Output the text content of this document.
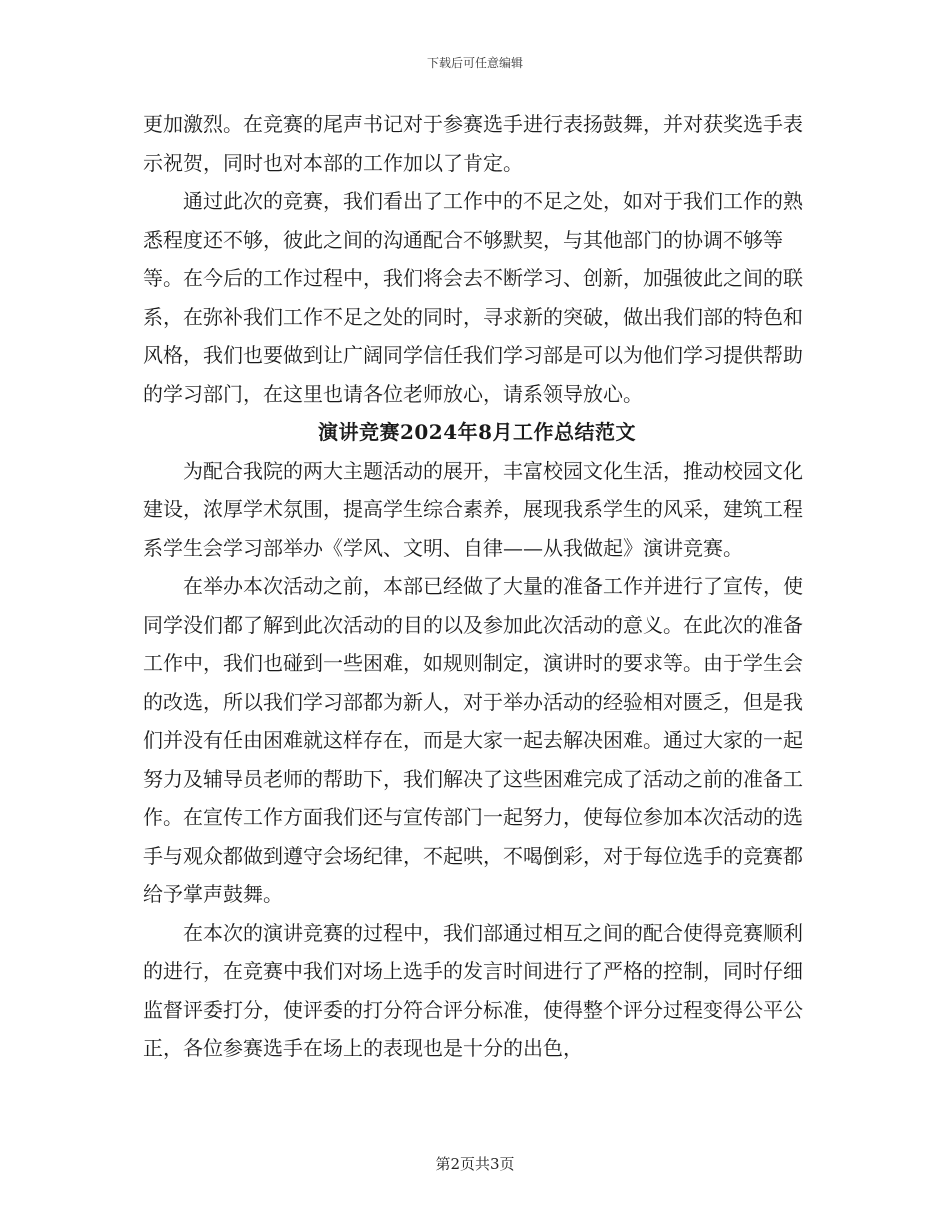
下载后可任意编辑

更加激烈。在竞赛的尾声书记对于参赛选手进行表扬鼓舞，并对获奖选手表示祝贺，同时也对本部的工作加以了肯定。

通过此次的竞赛，我们看出了工作中的不足之处，如对于我们工作的熟悉程度还不够，彼此之间的沟通配合不够默契，与其他部门的协调不够等等。在今后的工作过程中，我们将会去不断学习、创新，加强彼此之间的联系，在弥补我们工作不足之处的同时，寻求新的突破，做出我们部的特色和风格，我们也要做到让广阔同学信任我们学习部是可以为他们学习提供帮助的学习部门，在这里也请各位老师放心，请系领导放心。

演讲竞赛2024年8月工作总结范文

为配合我院的两大主题活动的展开，丰富校园文化生活，推动校园文化建设，浓厚学术氛围，提高学生综合素养，展现我系学生的风采，建筑工程系学生会学习部举办《学风、文明、自律——从我做起》演讲竞赛。

在举办本次活动之前，本部已经做了大量的准备工作并进行了宣传，使同学没们都了解到此次活动的目的以及参加此次活动的意义。在此次的准备工作中，我们也碰到一些困难，如规则制定，演讲时的要求等。由于学生会的改选，所以我们学习部都为新人，对于举办活动的经验相对匮乏，但是我们并没有任由困难就这样存在，而是大家一起去解决困难。通过大家的一起努力及辅导员老师的帮助下，我们解决了这些困难完成了活动之前的准备工作。在宣传工作方面我们还与宣传部门一起努力，使每位参加本次活动的选手与观众都做到遵守会场纪律，不起哄，不喝倒彩，对于每位选手的竞赛都给予掌声鼓舞。

在本次的演讲竞赛的过程中，我们部通过相互之间的配合使得竞赛顺利的进行，在竞赛中我们对场上选手的发言时间进行了严格的控制，同时仔细监督评委打分，使评委的打分符合评分标准，使得整个评分过程变得公平公正，各位参赛选手在场上的表现也是十分的出色，

第2页共3页
